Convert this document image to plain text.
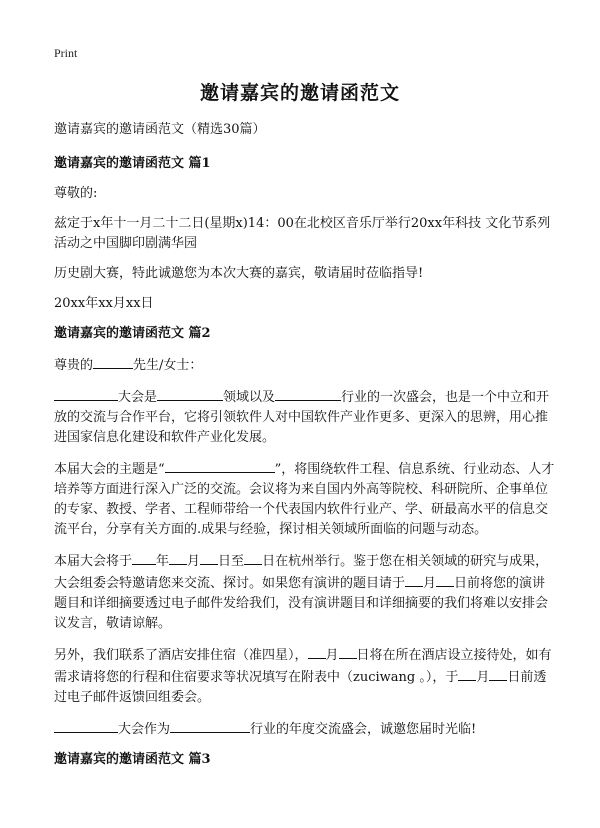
Print
邀请嘉宾的邀请函范文

邀请嘉宾的邀请函范文（精选30篇）

邀请嘉宾的邀请函范文 篇1

尊敬的:

兹定于x年十一月二十二日(星期x)14：00在北校区音乐厅举行20xx年科技 文化节系列活动之中国脚印剧满华园

历史剧大赛，特此诚邀您为本次大赛的嘉宾，敬请届时莅临指导!

20xx年xx月xx日

邀请嘉宾的邀请函范文 篇2

尊贵的	先生/女士：

大会是	领域以及	行业的一次盛会，也是一个中立和开放的交流与合作平台，它将引领软件人对中国软件产业作更多、更深入的思辨，用心推进国家信息化建设和软件产业化发展。

本届大会的主题是“	”，将围绕软件工程、信息系统、行业动态、人才培养等方面进行深入广泛的交流。会议将为来自国内外高等院校、科研院所、企事单位的专家、教授、学者、工程师带给一个代表国内软件行业产、学、研最高水平的信息交流平台，分享有关方面的.成果与经验，探讨相关领域所面临的问题与动态。

本届大会将于 年 月 日至 日在杭州举行。鉴于您在相关领域的研究与成果，大会组委会特邀请您来交流、探讨。如果您有演讲的题目请于 月 日前将您的演讲题目和详细摘要透过电子邮件发给我们，没有演讲题目和详细摘要的我们将难以安排会议发言，敬请谅解。

另外，我们联系了酒店安排住宿（准四星）， 月 日将在所在酒店设立接待处，如有需求请将您的行程和住宿要求等状况填写在附表中（zuciwang 。），于 月 日前透过电子邮件返馈回组委会。

大会作为	行业的年度交流盛会，诚邀您届时光临!

邀请嘉宾的邀请函范文 篇3
